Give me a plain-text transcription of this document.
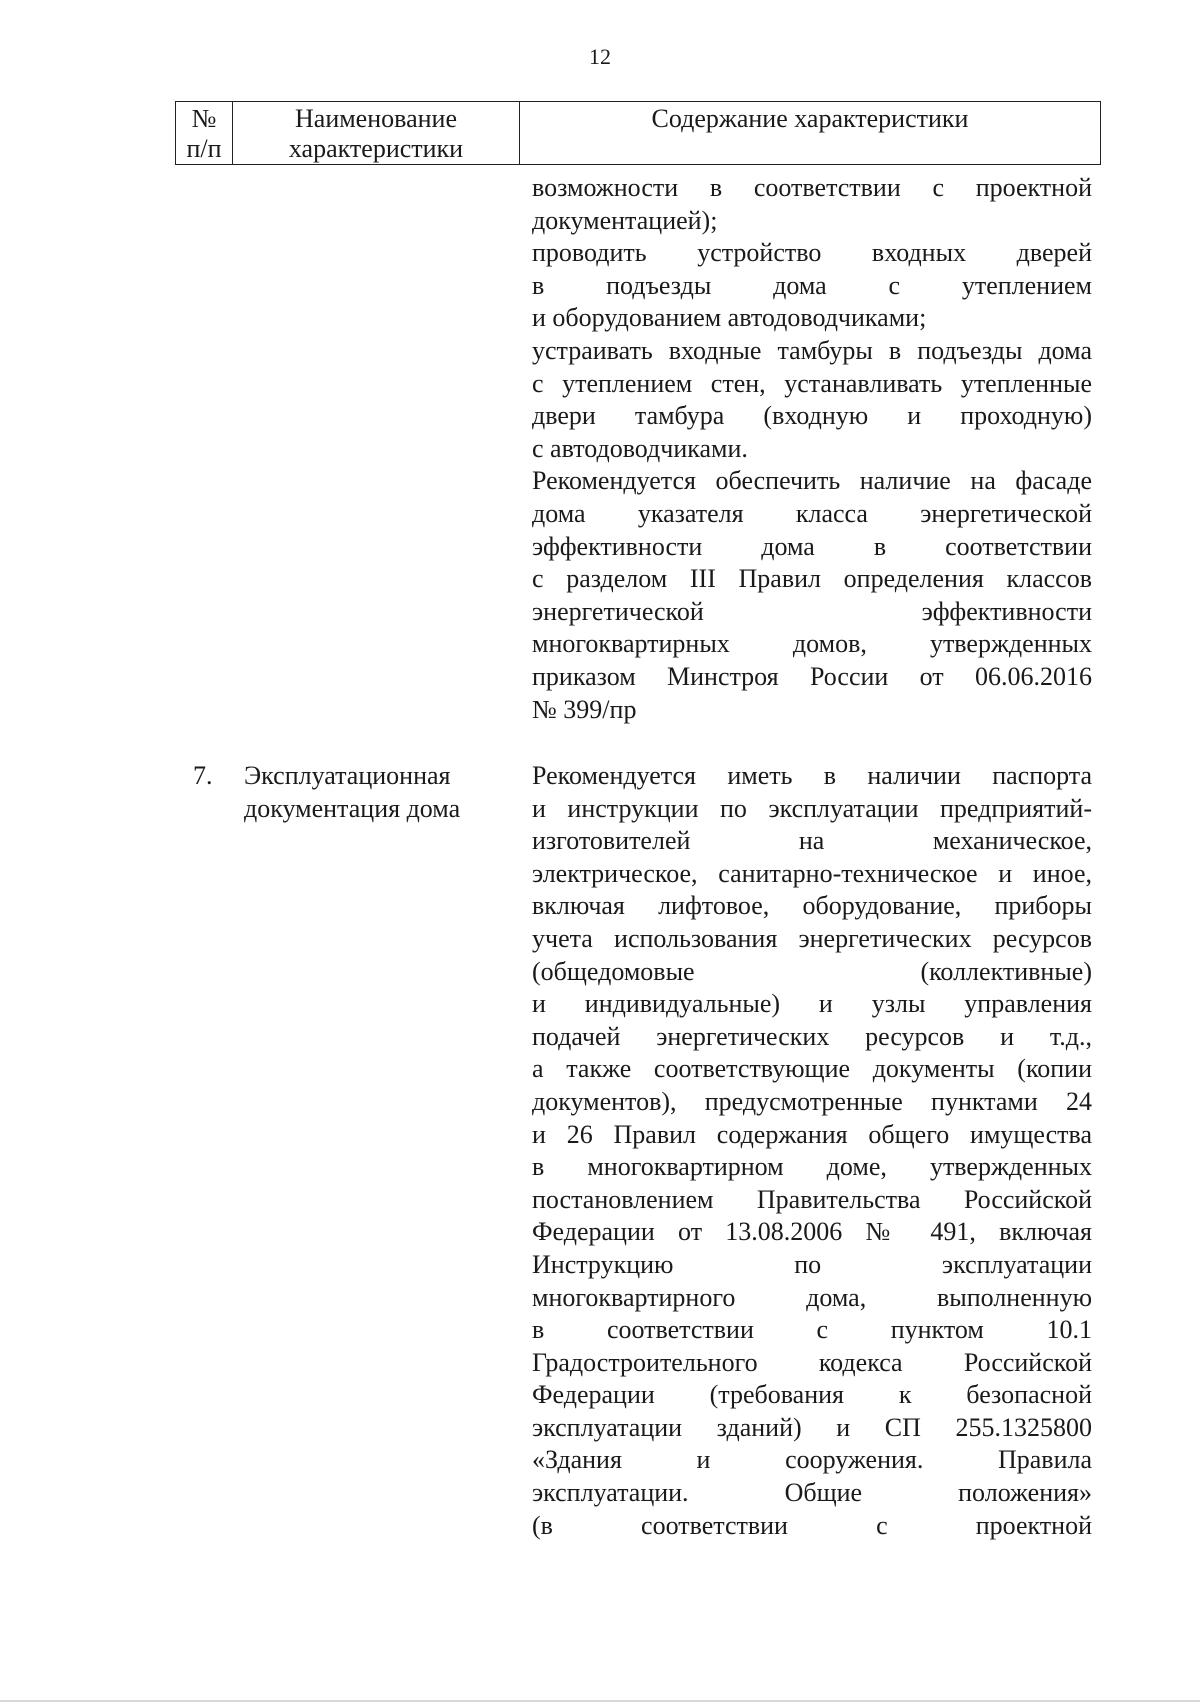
12
№
п/п
Наименование
характеристики
Содержание характеристики
возможности в соответствии с проектной
документацией);
проводить устройство входных дверей
в подъезды дома с утеплением
и оборудованием автодоводчиками;
устраивать входные тамбуры в подъезды дома
с утеплением стен, устанавливать утепленные
двери тамбура (входную и проходную)
с автодоводчиками.
Рекомендуется обеспечить наличие на фасаде
дома указателя класса энергетической
эффективности дома в соответствии
с разделом III Правил определения классов
энергетической эффективности
многоквартирных домов, утвержденных
приказом Минстроя России от 06.06.2016
№ 399/пр
7. Эксплуатационная
документация дома
Рекомендуется иметь в наличии паспорта
и инструкции по эксплуатации предприятий-
изготовителей на механическое,
электрическое, санитарно-техническое и иное,
включая лифтовое, оборудование, приборы
учета использования энергетических ресурсов
(общедомовые (коллективные)
и индивидуальные) и узлы управления
подачей энергетических ресурсов и т.д.,
а также соответствующие документы (копии
документов), предусмотренные пунктами 24
и 26 Правил содержания общего имущества
в многоквартирном доме, утвержденных
постановлением Правительства Российской
Федерации от 13.08.2006 № 491, включая
Инструкцию по эксплуатации
многоквартирного дома, выполненную
в соответствии с пунктом 10.1
Градостроительного кодекса Российской
Федерации (требования к безопасной
эксплуатации зданий) и СП 255.1325800
«Здания и сооружения. Правила
эксплуатации. Общие положения»
(в соответствии с проектной
